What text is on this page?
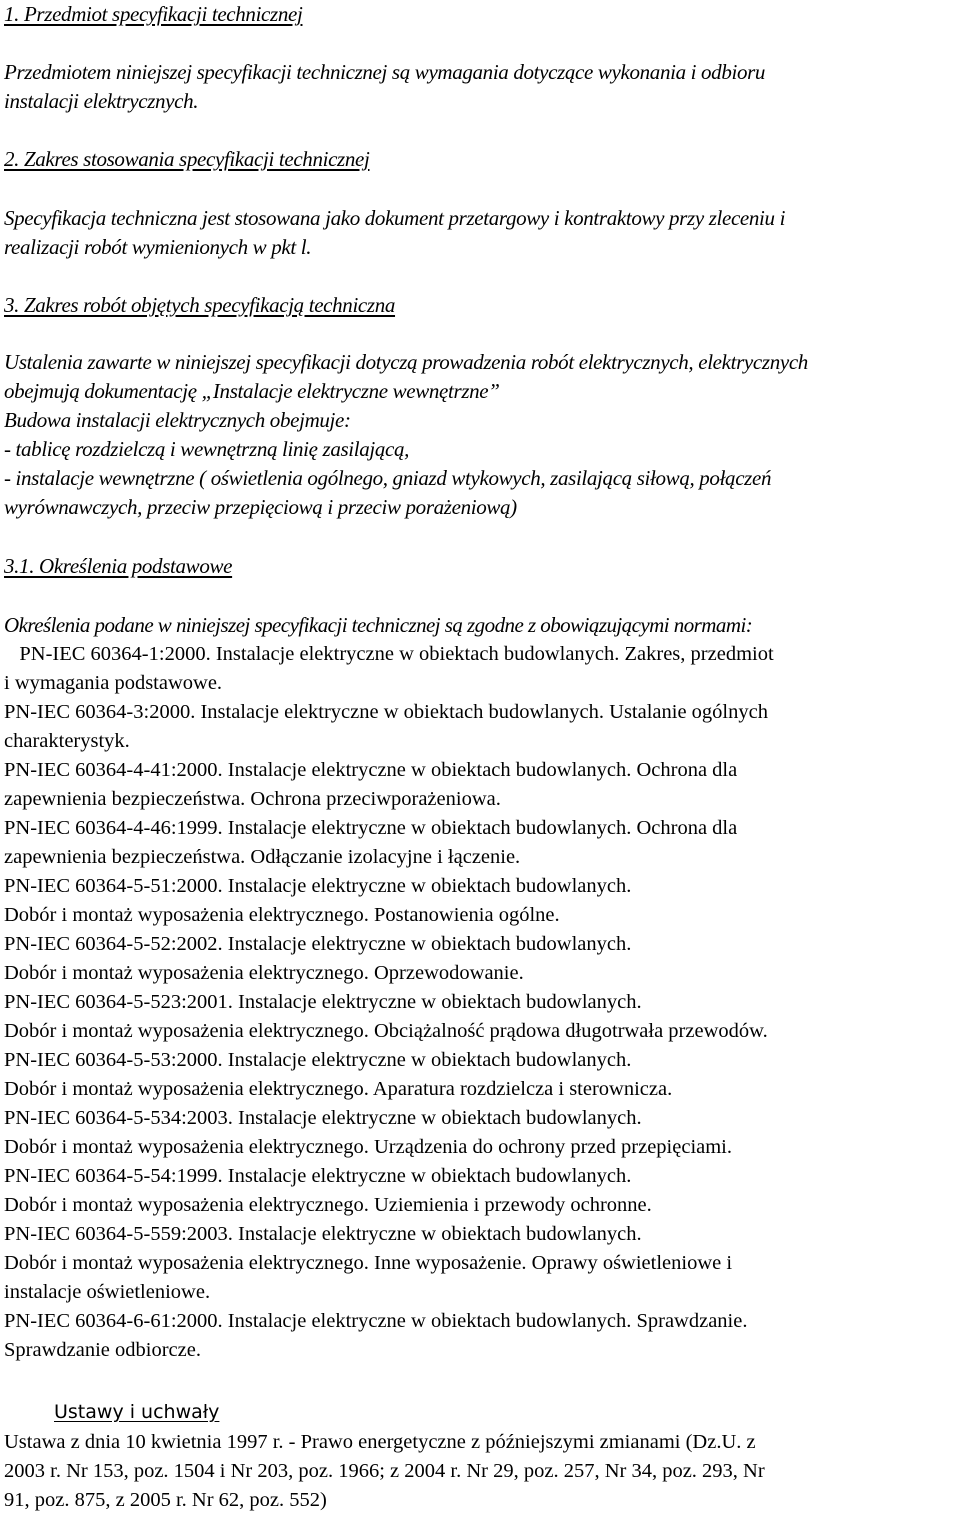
1. Przedmiot specyfikacji technicznej
Przedmiotem niniejszej specyfikacji technicznej są wymagania dotyczące wykonania i odbioru
instalacji elektrycznych.
2. Zakres stosowania specyfikacji technicznej
Specyfikacja techniczna jest stosowana jako dokument przetargowy i kontraktowy przy zleceniu i
realizacji robót wymienionych w pkt l.
3. Zakres robót objętych specyfikacją techniczna
Ustalenia zawarte w niniejszej specyfikacji dotyczą prowadzenia robót elektrycznych, elektrycznych
obejmują dokumentację „Instalacje elektryczne wewnętrzne”
Budowa instalacji elektrycznych obejmuje:
- tablicę rozdzielczą i wewnętrzną linię zasilającą,
- instalacje wewnętrzne ( oświetlenia ogólnego, gniazd wtykowych, zasilającą siłową, połączeń
wyrównawczych, przeciw przepięciową i przeciw porażeniową)
3.1. Określenia podstawowe
Określenia podane w niniejszej specyfikacji technicznej są zgodne z obowiązującymi normami:
PN-IEC 60364-1:2000. Instalacje elektryczne w obiektach budowlanych. Zakres, przedmiot
i wymagania podstawowe.
PN-IEC 60364-3:2000. Instalacje elektryczne w obiektach budowlanych. Ustalanie ogólnych
charakterystyk.
PN-IEC 60364-4-41:2000. Instalacje elektryczne w obiektach budowlanych. Ochrona dla
zapewnienia bezpieczeństwa. Ochrona przeciwporażeniowa.
PN-IEC 60364-4-46:1999. Instalacje elektryczne w obiektach budowlanych. Ochrona dla
zapewnienia bezpieczeństwa. Odłączanie izolacyjne i łączenie.
PN-IEC 60364-5-51:2000. Instalacje elektryczne w obiektach budowlanych.
Dobór i montaż wyposażenia elektrycznego. Postanowienia ogólne.
PN-IEC 60364-5-52:2002. Instalacje elektryczne w obiektach budowlanych.
Dobór i montaż wyposażenia elektrycznego. Oprzewodowanie.
PN-IEC 60364-5-523:2001. Instalacje elektryczne w obiektach budowlanych.
Dobór i montaż wyposażenia elektrycznego. Obciążalność prądowa długotrwała przewodów.
PN-IEC 60364-5-53:2000. Instalacje elektryczne w obiektach budowlanych.
Dobór i montaż wyposażenia elektrycznego. Aparatura rozdzielcza i sterownicza.
PN-IEC 60364-5-534:2003. Instalacje elektryczne w obiektach budowlanych.
Dobór i montaż wyposażenia elektrycznego. Urządzenia do ochrony przed przepięciami.
PN-IEC 60364-5-54:1999. Instalacje elektryczne w obiektach budowlanych.
Dobór i montaż wyposażenia elektrycznego. Uziemienia i przewody ochronne.
PN-IEC 60364-5-559:2003. Instalacje elektryczne w obiektach budowlanych.
Dobór i montaż wyposażenia elektrycznego. Inne wyposażenie. Oprawy oświetleniowe i
instalacje oświetleniowe.
PN-IEC 60364-6-61:2000. Instalacje elektryczne w obiektach budowlanych. Sprawdzanie.
Sprawdzanie odbiorcze.
Ustawy i uchwały
Ustawa z dnia 10 kwietnia 1997 r. - Prawo energetyczne z późniejszymi zmianami (Dz.U. z
2003 r. Nr 153, poz. 1504 i Nr 203, poz. 1966; z 2004 r. Nr 29, poz. 257, Nr 34, poz. 293, Nr
91, poz. 875, z 2005 r. Nr 62, poz. 552)
